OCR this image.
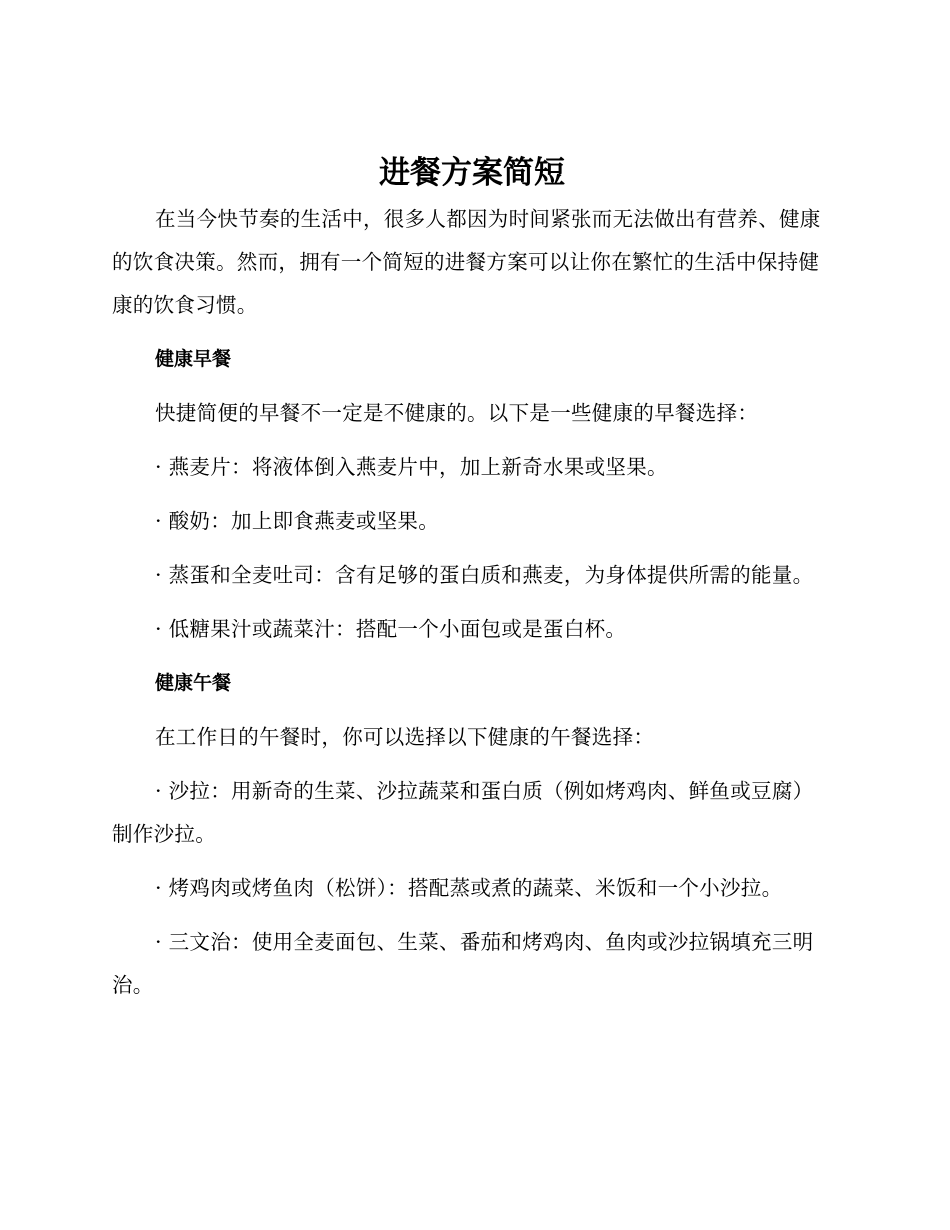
进餐方案简短

在当今快节奏的生活中，很多人都因为时间紧张而无法做出有营养、健康的饮食决策。然而，拥有一个简短的进餐方案可以让你在繁忙的生活中保持健康的饮食习惯。

健康早餐

快捷简便的早餐不一定是不健康的。以下是一些健康的早餐选择：

· 燕麦片：将液体倒入燕麦片中，加上新奇水果或坚果。

· 酸奶：加上即食燕麦或坚果。

· 蒸蛋和全麦吐司：含有足够的蛋白质和燕麦，为身体提供所需的能量。

· 低糖果汁或蔬菜汁：搭配一个小面包或是蛋白杯。

健康午餐

在工作日的午餐时，你可以选择以下健康的午餐选择：

· 沙拉：用新奇的生菜、沙拉蔬菜和蛋白质（例如烤鸡肉、鲜鱼或豆腐）制作沙拉。

· 烤鸡肉或烤鱼肉（松饼）：搭配蒸或煮的蔬菜、米饭和一个小沙拉。

· 三文治：使用全麦面包、生菜、番茄和烤鸡肉、鱼肉或沙拉锅填充三明治。
